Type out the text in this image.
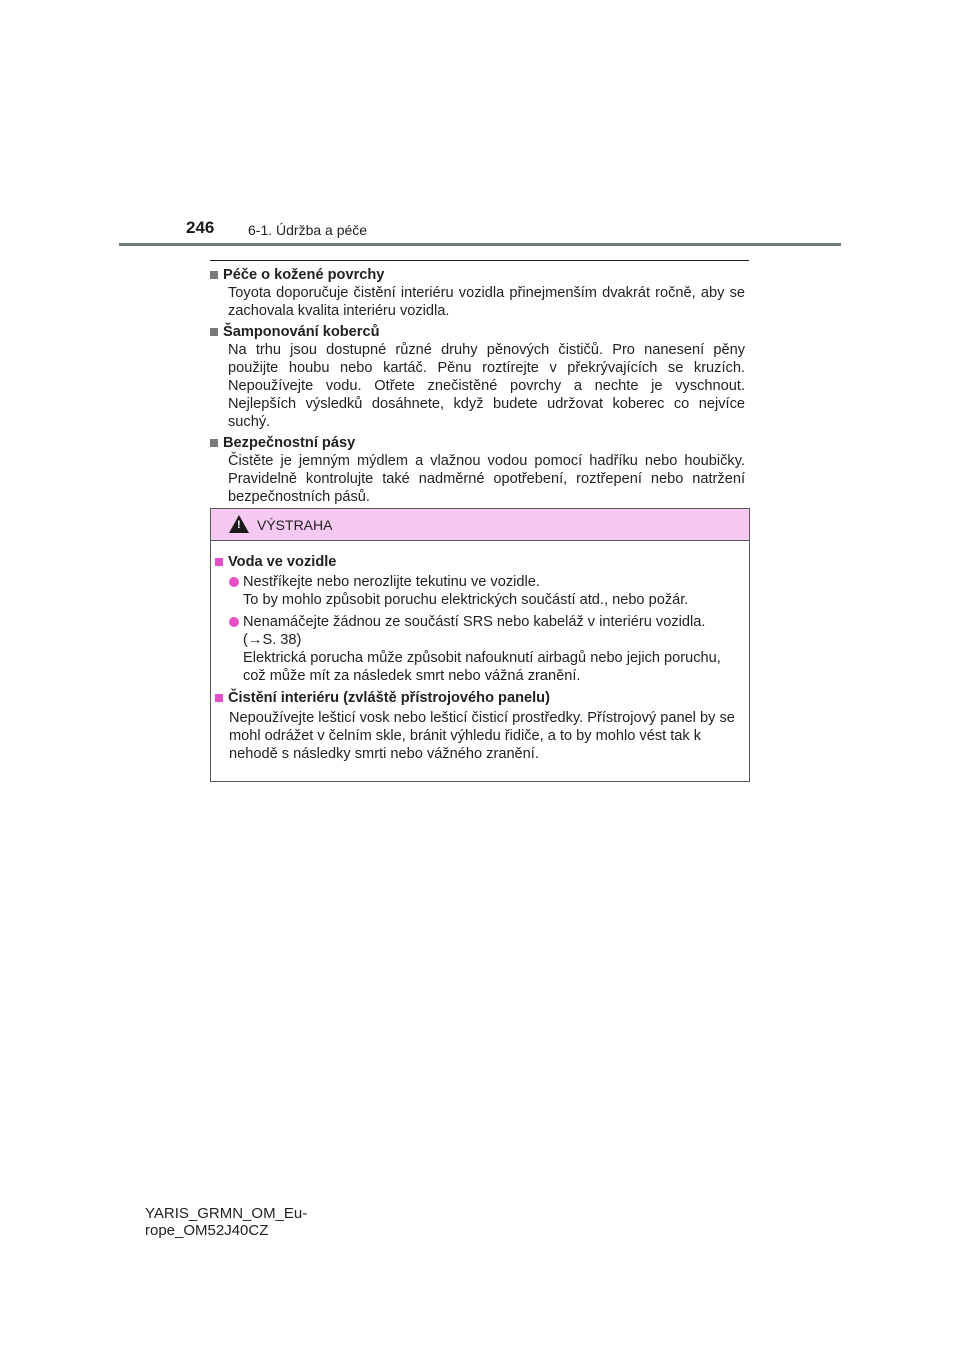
246 6-1. Údržba a péče
Péče o kožené povrchy
Toyota doporučuje čistění interiéru vozidla přinejmenším dvakrát ročně, aby se zachovala kvalita interiéru vozidla.
Šamponování koberců
Na trhu jsou dostupné různé druhy pěnových čističů. Pro nanesení pěny použijte houbu nebo kartáč. Pěnu roztírejte v překrývajících se kruzích. Nepoužívejte vodu. Otřete znečistěné povrchy a nechte je vyschnout. Nejlepších výsledků dosáhnete, když budete udržovat koberec co nejvíce suchý.
Bezpečnostní pásy
Čistěte je jemným mýdlem a vlažnou vodou pomocí hadříku nebo houbičky. Pravidelně kontrolujte také nadměrné opotřebení, roztřepení nebo natržení bezpečnostních pásů.
!
VÝSTRAHA
Voda ve vozidle
Nestříkejte nebo nerozlijte tekutinu ve vozidle.
To by mohlo způsobit poruchu elektrických součástí atd., nebo požár.
Nenamáčejte žádnou ze součástí SRS nebo kabeláž v interiéru vozidla.
(→S. 38)
Elektrická porucha může způsobit nafouknutí airbagů nebo jejich poruchu, což může mít za následek smrt nebo vážná zranění.
Čistění interiéru (zvláště přístrojového panelu)
Nepoužívejte lešticí vosk nebo lešticí čisticí prostředky. Přístrojový panel by se mohl odrážet v čelním skle, bránit výhledu řidiče, a to by mohlo vést tak k nehodě s následky smrti nebo vážného zranění.
YARIS_GRMN_OM_Eu-
rope_OM52J40CZ
